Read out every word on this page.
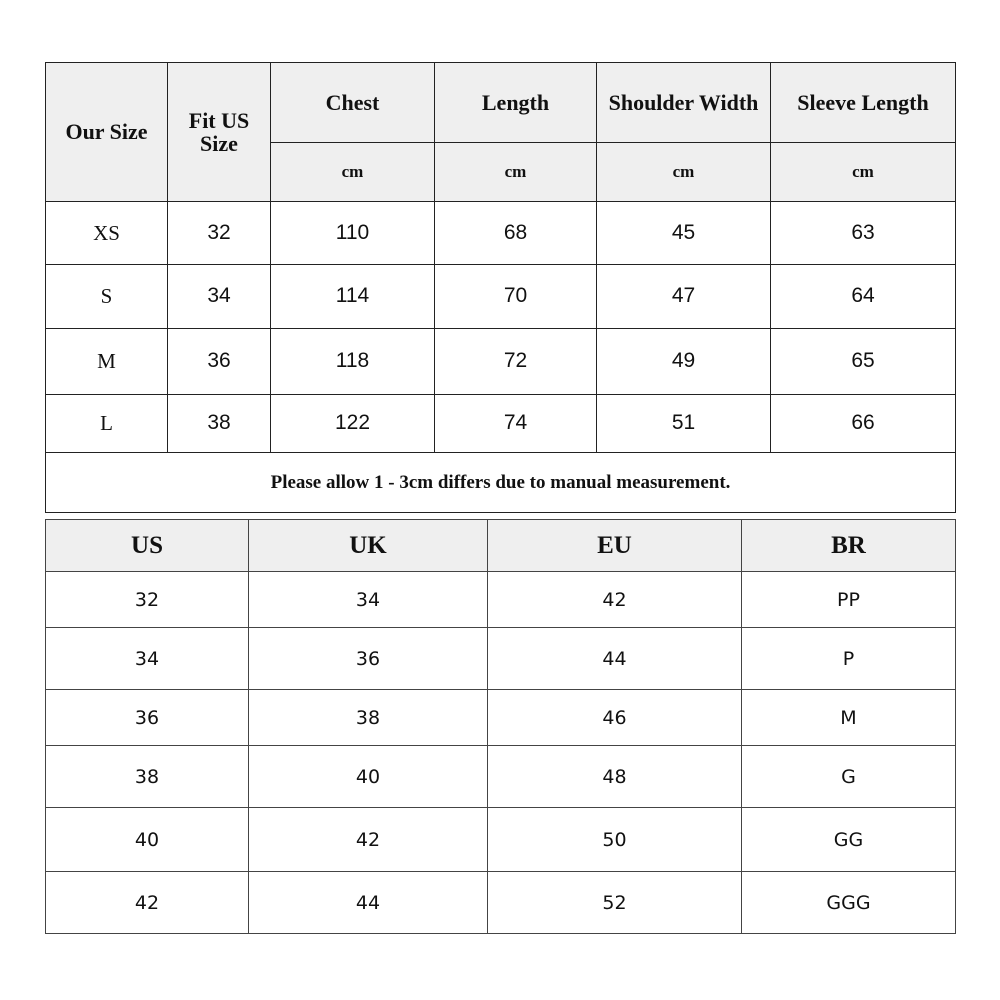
Our Size	Fit US Size	Chest	Length	Shoulder Width	Sleeve Length
		cm	cm	cm	cm
XS	32	110	68	45	63
S	34	114	70	47	64
M	36	118	72	49	65
L	38	122	74	51	66
Please allow 1 - 3cm differs due to manual measurement.					
US	UK	EU	BR
32	34	42	PP
34	36	44	P
36	38	46	M
38	40	48	G
40	42	50	GG
42	44	52	GGG
